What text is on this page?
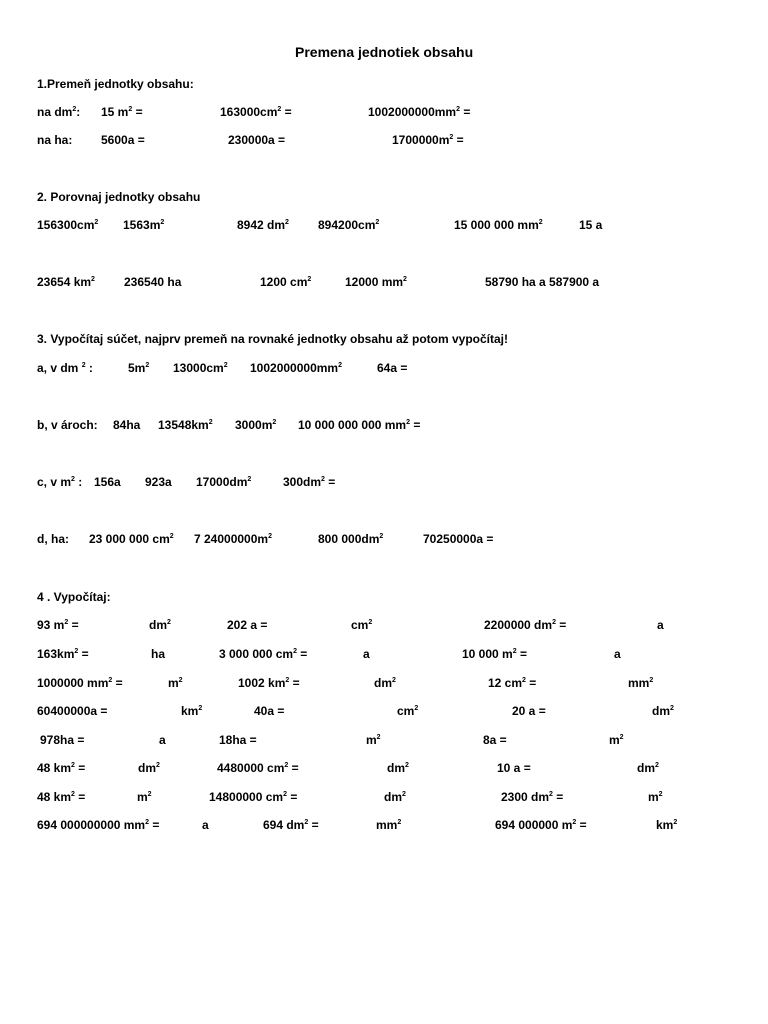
Premena jednotiek obsahu
1.Premeň jednotky obsahu:
na $dm^2$: 15 $m^2$ =	$163000cm^2$ =	$1002000000mm^2$ =
na ha: 5600a =	230000a =	$1700000m^2$ =
2. Porovnaj jednotky obsahu
$156300cm^2$ $1563m^2$	8942 $dm^2$ $894200cm^2$	15 000 000 $mm^2$	15 a
23654 $km^2$ 236540 ha	1200 $cm^2$	12000 $mm^2$	58790 ha a 587900 a
3. Vypočítaj súčet, najprv premeň na rovnaké jednotky obsahu až potom vypočítaj!
a, v dm $^2$ :	$5m^2$ $13000cm^2$ $1002000000mm^2$	64a =
b, v ároch: 84ha $13548km^2$ $3000m^2$ 10 000 000 000 $mm^2$ =
c, v $m^2$ : 156a 923a $17000dm^2$	$300dm^2$ =
d, ha: 23 000 000 $cm^2$ 7 $24000000m^2$	800 $000dm^2$	70250000a =
4 . Vypočítaj:
93 $m^2$ =	$dm^2$	202 a =	$cm^2$	2200000 $dm^2$ =	a
$163km^2$ =	ha	3 000 000 $cm^2$ =	a	10 000 $m^2$ =	a
1000000 $mm^2$ =	$m^2$	1002 $km^2$ =	$dm^2$	12 $cm^2$ =	$mm^2$
60400000a =	$km^2$	40a =	$cm^2$	20 a =	$dm^2$
978ha =	a	18ha =	$m^2$	8a =	$m^2$
48 $km^2$ =	$dm^2$	4480000 $cm^2$ =	$dm^2$	10 a =	$dm^2$
48 $km^2$ =	$m^2$	14800000 $cm^2$ =	$dm^2$	2300 $dm^2$ =	$m^2$
694 000000000 $mm^2$ =	a	694 $dm^2$ =	$mm^2$	694 000000 $m^2$ =	$km^2$
